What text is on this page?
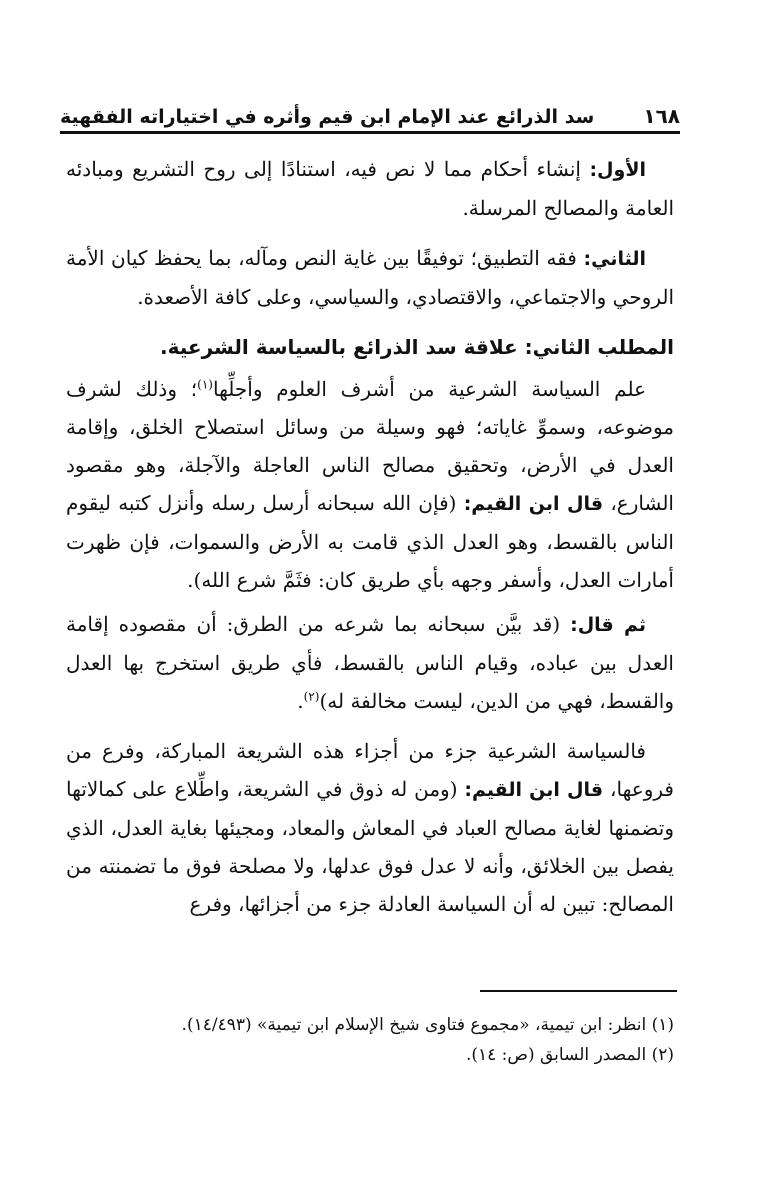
١٦٨
سد الذرائع عند الإمام ابن قيم وأثره في اختياراته الفقهية

الأول: إنشاء أحكام مما لا نص فيه، استنادًا إلى روح التشريع ومبادئه العامة والمصالح المرسلة.

الثاني: فقه التطبيق؛ توفيقًا بين غاية النص ومآله، بما يحفظ كيان الأمة الروحي والاجتماعي، والاقتصادي، والسياسي، وعلى كافة الأصعدة.

المطلب الثاني: علاقة سد الذرائع بالسياسة الشرعية.

علم السياسة الشرعية من أشرف العلوم وأجلِّها$^{(١)}$؛ وذلك لشرف موضوعه، وسموِّ غاياته؛ فهو وسيلة من وسائل استصلاح الخلق، وإقامة العدل في الأرض، وتحقيق مصالح الناس العاجلة والآجلة، وهو مقصود الشارع، قال ابن القيم: (فإن الله سبحانه أرسل رسله وأنزل كتبه ليقوم الناس بالقسط، وهو العدل الذي قامت به الأرض والسموات، فإن ظهرت أمارات العدل، وأسفر وجهه بأي طريق كان: فثَمَّ شرع الله).

ثم قال: (قد بيَّن سبحانه بما شرعه من الطرق: أن مقصوده إقامة العدل بين عباده، وقيام الناس بالقسط، فأي طريق استخرج بها العدل والقسط، فهي من الدين، ليست مخالفة له)$^{(٢)}$.

فالسياسة الشرعية جزء من أجزاء هذه الشريعة المباركة، وفرع من فروعها، قال ابن القيم: (ومن له ذوق في الشريعة، واطِّلاع على كمالاتها وتضمنها لغاية مصالح العباد في المعاش والمعاد، ومجيئها بغاية العدل، الذي يفصل بين الخلائق، وأنه لا عدل فوق عدلها، ولا مصلحة فوق ما تضمنته من المصالح: تبين له أن السياسة العادلة جزء من أجزائها، وفرع

(١) انظر: ابن تيمية، «مجموع فتاوى شيخ الإسلام ابن تيمية» (١٤/٤٩٣).
(٢) المصدر السابق (ص: ١٤).
